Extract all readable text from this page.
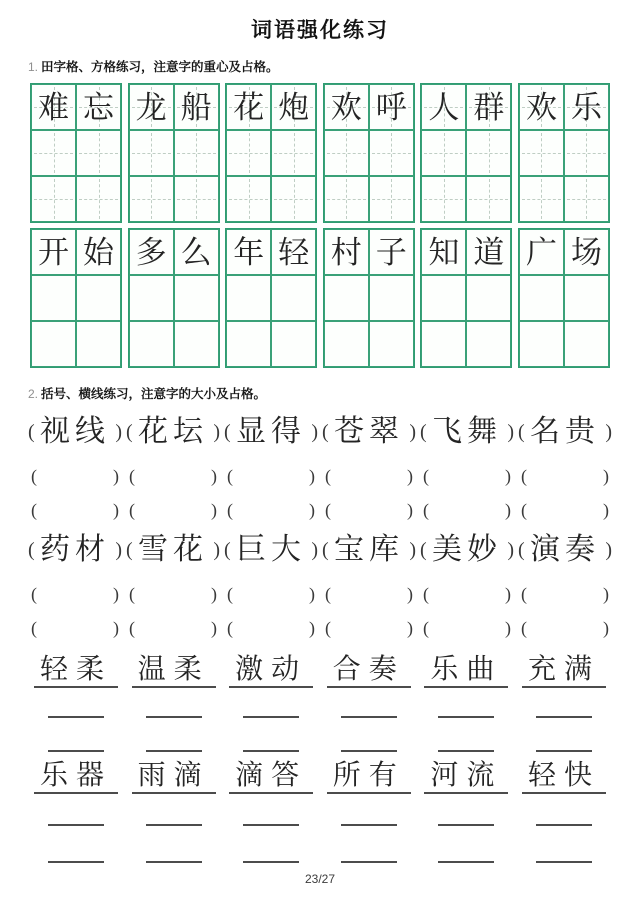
词语强化练习
1. 田字格、方格练习，注意字的重心及占格。
难 忘 龙 船 花 炮 欢 呼 人 群 欢 乐
开 始 多 么 年 轻 村 子 知 道 广 场
2. 括号、横线练习，注意字的大小及占格。
( 视线 ) ( 花坛 ) ( 显得 ) ( 苍翠 ) ( 飞舞 ) ( 名贵 )
(	) (	) (	) (	) (	) (	)
(	) (	) (	) (	) (	) (	)
( 药材 ) ( 雪花 ) ( 巨大 ) ( 宝库 ) ( 美妙 ) ( 演奏 )
(	) (	) (	) (	) (	) (	)
(	) (	) (	) (	) (	) (	)
轻柔 温柔 激动 合奏 乐曲 充满
乐器 雨滴 滴答 所有 河流 轻快
23/27
